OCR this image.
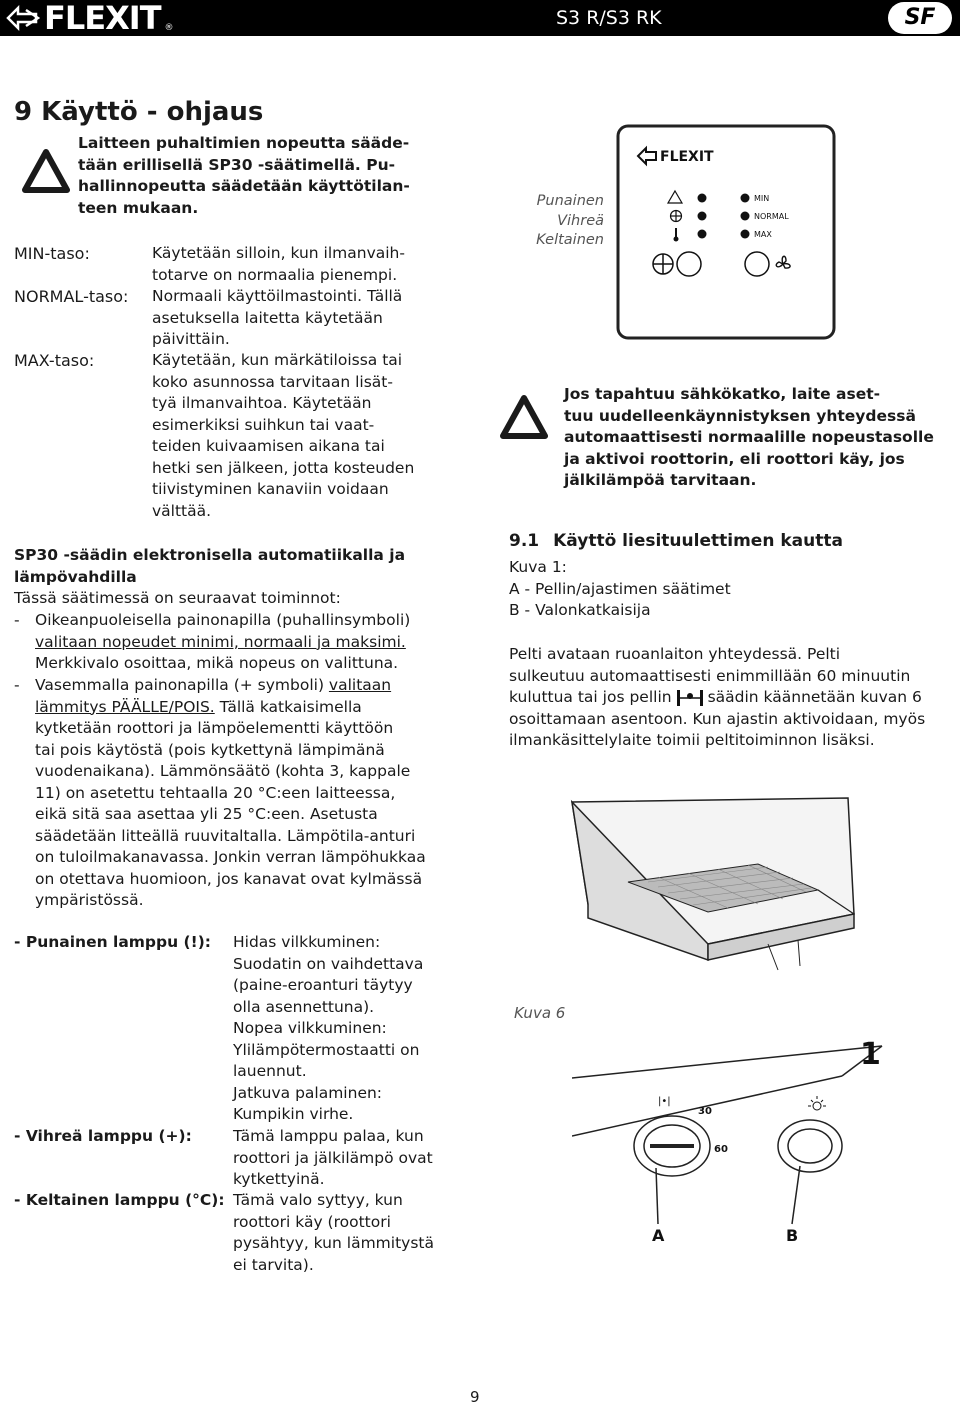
FLEXIT ®	S3 R/S3 RK	SF
9 Käyttö - ohjaus
Laitteen puhaltimien nopeutta sääde-
tään erillisellä SP30 -säätimellä. Pu-
hallinnopeutta säädetään käyttötilan-
teen mukaan.
MIN-taso:	Käytetään silloin, kun ilmanvaih-
totarve on normaalia pienempi.
NORMAL-taso: Normaali käyttöilmastointi. Tällä
asetuksella laitetta käytetään
päivittäin.
MAX-taso:	Käytetään, kun märkätiloissa tai
koko asunnossa tarvitaan lisät-
tyä ilmanvaihtoa. Käytetään
esimerkiksi suihkun tai vaat-
teiden kuivaamisen aikana tai
hetki sen jälkeen, jotta kosteuden
tiivistyminen kanaviin voidaan
välttää.
SP30 -säädin elektronisella automatiikalla ja
lämpövahdilla
Tässä säätimessä on seuraavat toiminnot:
- Oikeanpuoleisella painonapilla (puhallinsymboli)
valitaan nopeudet minimi, normaali ja maksimi.
Merkkivalo osoittaa, mikä nopeus on valittuna.
- Vasemmalla painonapilla (+ symboli) valitaan
lämmitys PÄÄLLE/POIS. Tällä katkaisimella
kytketään roottori ja lämpöelementti käyttöön
tai pois käytöstä (pois kytkettynä lämpimänä
vuodenaikana). Lämmönsäätö (kohta 3, kappale
11) on asetettu tehtaalla 20 °C:een laitteessa,
eikä sitä saa asettaa yli 25 °C:een. Asetusta
säädetään litteällä ruuvitaltalla. Lämpötila-anturi
on tuloilmakanavassa. Jonkin verran lämpöhukkaa
on otettava huomioon, jos kanavat ovat kylmässä
ympäristössä.
- Punainen lamppu (!): Hidas vilkkuminen:
Suodatin on vaihdettava
(paine-eroanturi täytyy
olla asennettuna).
Nopea vilkkuminen:
Ylilämpötermostaatti on
lauennut.
Jatkuva palaminen:
Kumpikin virhe.
- Vihreä lamppu (+):	Tämä lamppu palaa, kun
roottori ja jälkilämpö ovat
kytkettyinä.
- Keltainen lamppu (°C): Tämä valo syttyy, kun
roottori käy (roottori
pysähtyy, kun lämmitystä
ei tarvita).
Punainen
Vihreä
Keltainen
FLEXIT
MIN
NORMAL
MAX
Jos tapahtuu sähkökatko, laite aset-
tuu uudelleenkäynnistyksen yhteydessä
automaattisesti normaalille nopeustasolle
ja aktivoi roottorin, eli roottori käy, jos
jälkilämpöä tarvitaan.
9.1 Käyttö liesituulettimen kautta
Kuva 1:
A - Pellin/ajastimen säätimet
B - Valonkatkaisija
Pelti avataan ruoanlaiton yhteydessä. Pelti
sulkeutuu automaattisesti enimmillään 60 minuutin
kuluttua tai jos pellin säädin käännetään kuvan 6
osoittamaan asentoon. Kun ajastin aktivoidaan, myös
ilmankäsittelylaite toimii peltitoiminnon lisäksi.
Kuva 6
1
|•|
30
60
A	B
9
